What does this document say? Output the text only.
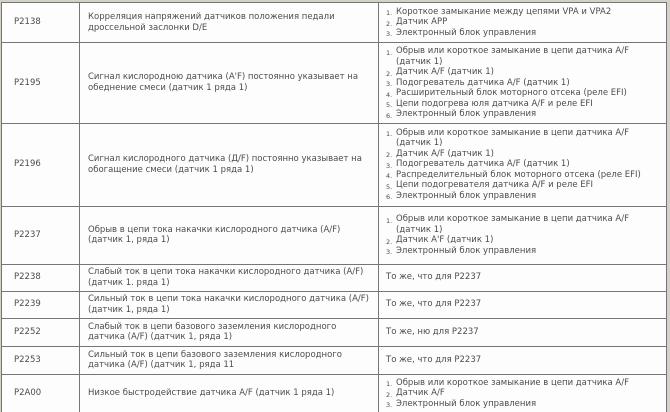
P2138	Корреляция напряжений датчиков положения педали дроссельной заслонки D/E	Короткое замыкание между цепями VPA и VPA2
Датчик APP
Электронный блок управления

P2195	Сигнал кислородною датчика (A'F) постоянно указывает на обеднение смеси (датчик 1 ряда 1)	
Обрыв или короткое замыкание в цепи датчика A/F (датчик 1)
Датчик A/F (датчик 1)
Подогреватель датчика A/F (датчик 1)
Расширительный блок моторного отсека (реле EFI)
Цепи подогрева юля датчика A/F и реле EFI
Электронный блок управления

P2196	Сигнал кислородного датчика (Д/F) постоянно указывает на обогащение смеси (датчик 1 ряда 1)	
Обрыв или короткое замыкание в цепи датчика A/F (датчик 1)
Датчик A/F (датчик 1)
Подогреватель датчика A/F (датчик 1)
Распределительный блок моторного отсека (реле EFI)
Цепи подогревателя датчика A/F и реле EFI
Электронный блок управления

P2237	Обрыв в цепи тока накачки кислородного датчика (A/F) (датчик 1, ряда 1)	Обрыв или короткое замыкание в цепи датчика A/F (датчик 1)
Датчик A'F (датчик 1)
Электронный блок управления

P2238	Слабый ток в цепи тока накачки кислородного датчика (A/F) (датчик 1. ряда 1)	То же, что для P2237
P2239	Сильный ток в цепи тока накачки кислородного датчика (A/F) (датчик 1, ряда 1)	То же, что для P2237
P2252	Слабый ток в цепи базового заземления кислородного датчика (A/F) (датчик 1, ряда 1)	То же, ню для P2237
P2253	Сильный ток в цепи базового заземления кислородного датчика (A/F) (датчик 1, ряда 11	То же, что для P2237
P2A00	Низкое быстродействие датчика A/F (датчик 1 ряда 1)	Обрыв или короткое замыкание в цепи датчика A/F
Датчик A/F
Электронный блок управления
